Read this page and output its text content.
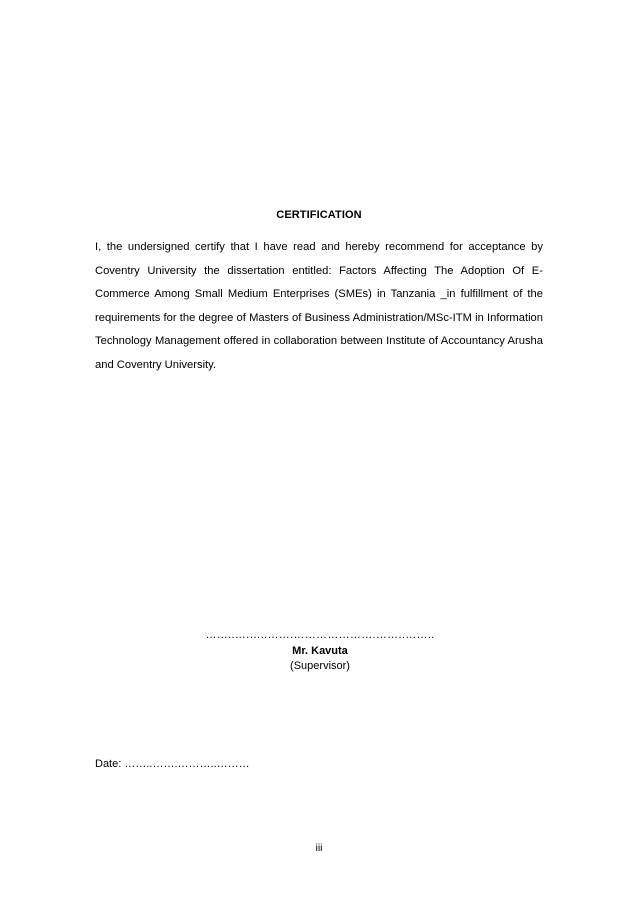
CERTIFICATION
I, the undersigned certify that I have read and hereby recommend for acceptance by Coventry University the dissertation entitled: Factors Affecting The Adoption Of E-Commerce Among Small Medium Enterprises (SMEs) in Tanzania _in fulfillment of the requirements for the degree of Masters of Business Administration/MSc-ITM in Information Technology Management offered in collaboration between Institute of Accountancy Arusha and Coventry University.
……..….…..…….………………….……..……..
Mr. Kavuta
(Supervisor)
Date: ……..…….………..………
iii
